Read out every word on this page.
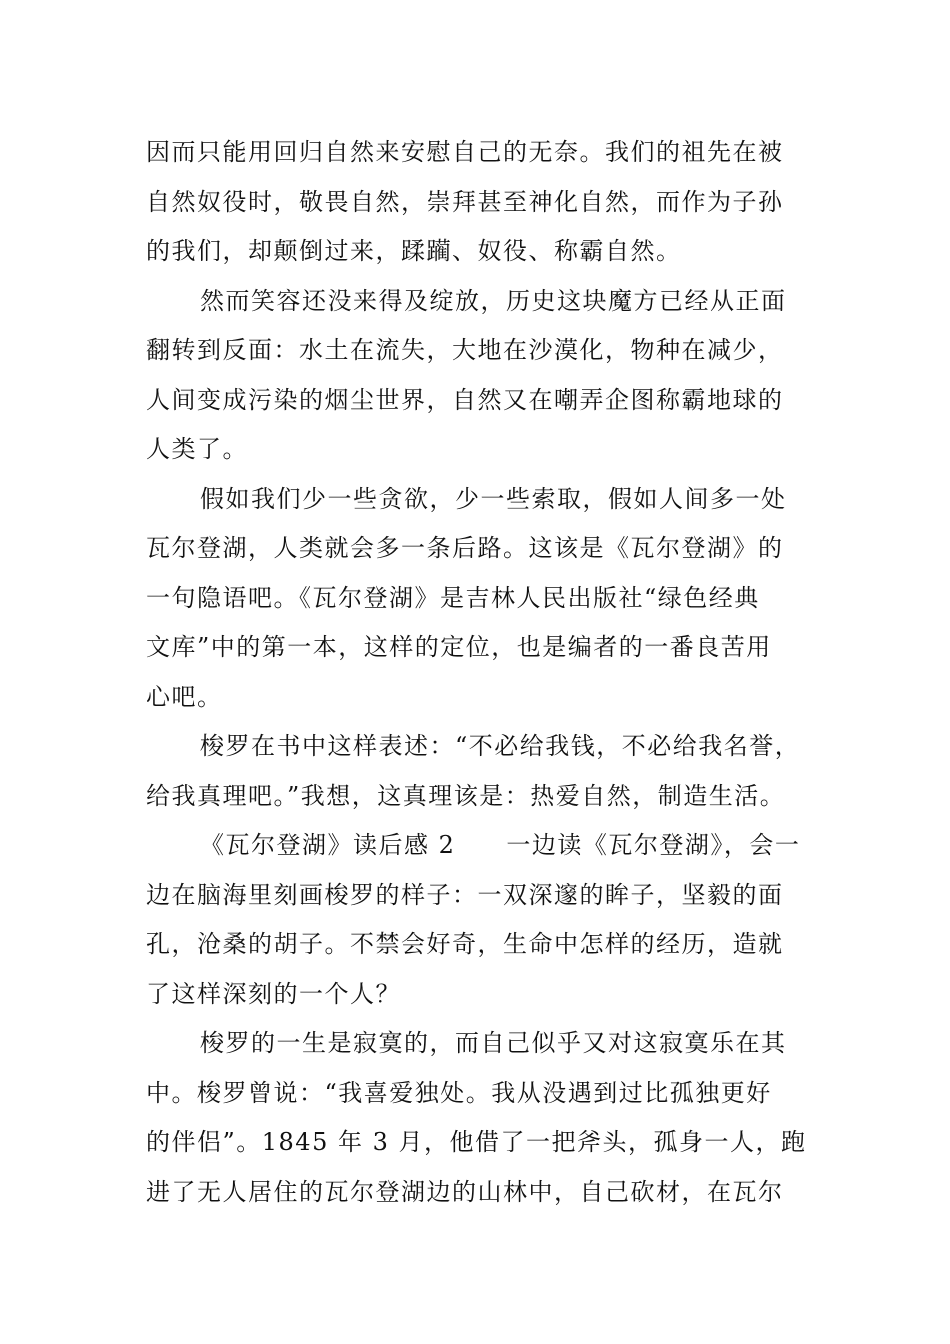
因而只能用回归自然来安慰自己的无奈。我们的祖先在被
自然奴役时，敬畏自然，崇拜甚至神化自然，而作为子孙
的我们，却颠倒过来，蹂躏、奴役、称霸自然。
然而笑容还没来得及绽放，历史这块魔方已经从正面
翻转到反面：水土在流失，大地在沙漠化，物种在减少，
人间变成污染的烟尘世界，自然又在嘲弄企图称霸地球的
人类了。
假如我们少一些贪欲，少一些索取，假如人间多一处
瓦尔登湖，人类就会多一条后路。这该是《瓦尔登湖》的
一句隐语吧。《瓦尔登湖》是吉林人民出版社“绿色经典
文库”中的第一本，这样的定位，也是编者的一番良苦用
心吧。
梭罗在书中这样表述：“不必给我钱，不必给我名誉，
给我真理吧。”我想，这真理该是：热爱自然，制造生活。
《瓦尔登湖》读后感 2　　一边读《瓦尔登湖》，会一
边在脑海里刻画梭罗的样子：一双深邃的眸子，坚毅的面
孔，沧桑的胡子。不禁会好奇，生命中怎样的经历，造就
了这样深刻的一个人？
梭罗的一生是寂寞的，而自己似乎又对这寂寞乐在其
中。梭罗曾说：“我喜爱独处。我从没遇到过比孤独更好
的伴侣”。1845 年 3 月，他借了一把斧头，孤身一人，跑
进了无人居住的瓦尔登湖边的山林中，自己砍材，在瓦尔
